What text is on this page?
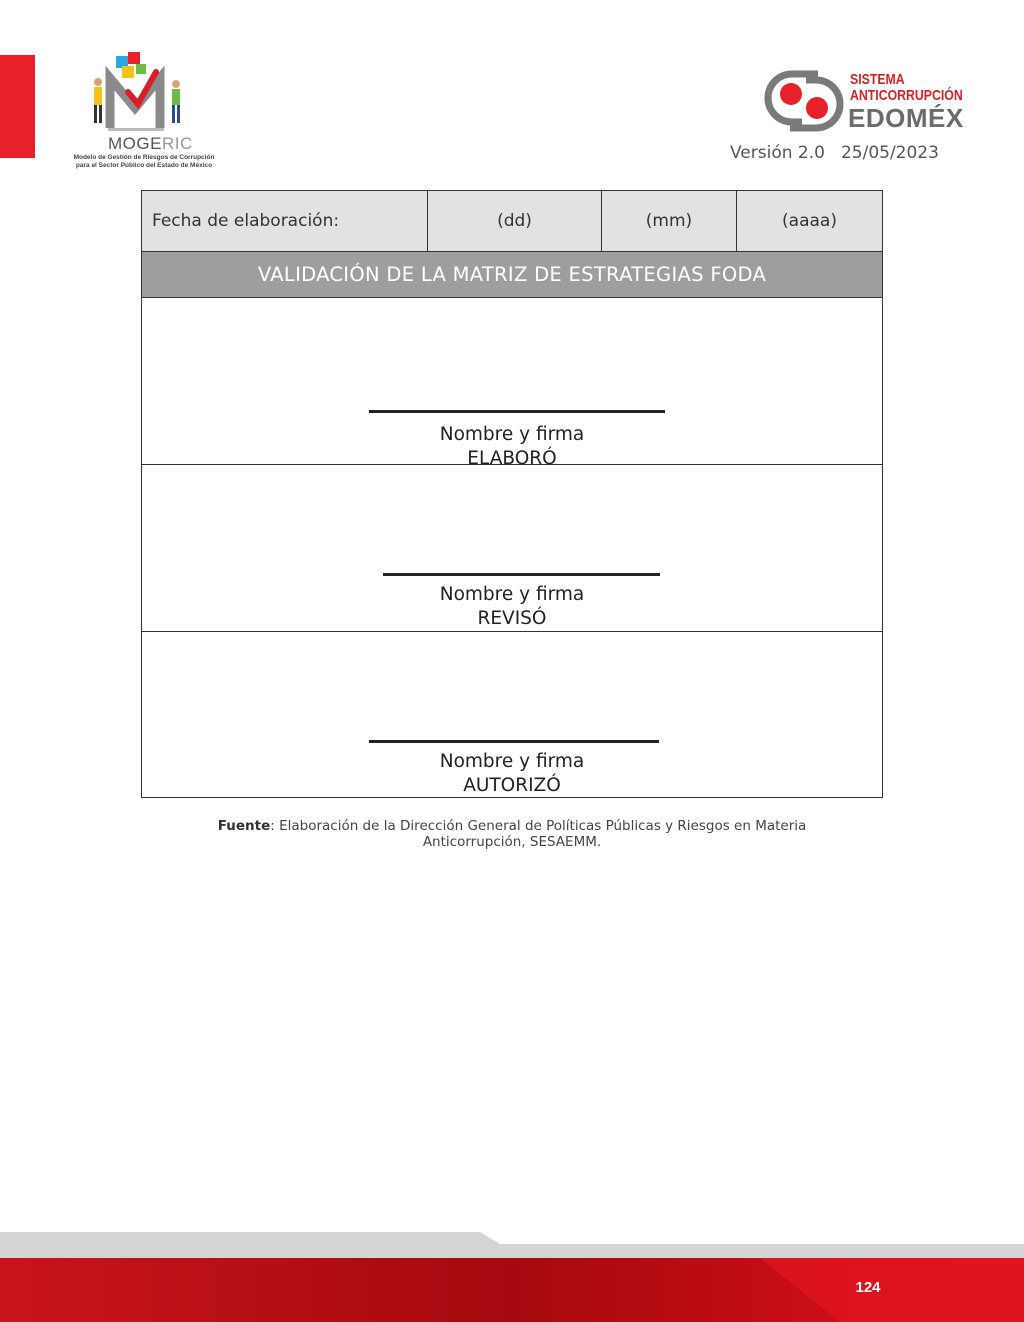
MOGERIC
Modelo de Gestión de Riesgos de Corrupción
para el Sector Público del Estado de México
SISTEMA
ANTICORRUPCIÓN
EDOMÉX
Versión 2.0 25/05/2023
Fecha de elaboración:	(dd)	(mm)	(aaaa)
VALIDACIÓN DE LA MATRIZ DE ESTRATEGIAS FODA
Nombre y firma
ELABORÓ
Nombre y firma
REVISÓ
Nombre y firma
AUTORIZÓ
Fuente: Elaboración de la Dirección General de Políticas Públicas y Riesgos en Materia
Anticorrupción, SESAEMM.
124
